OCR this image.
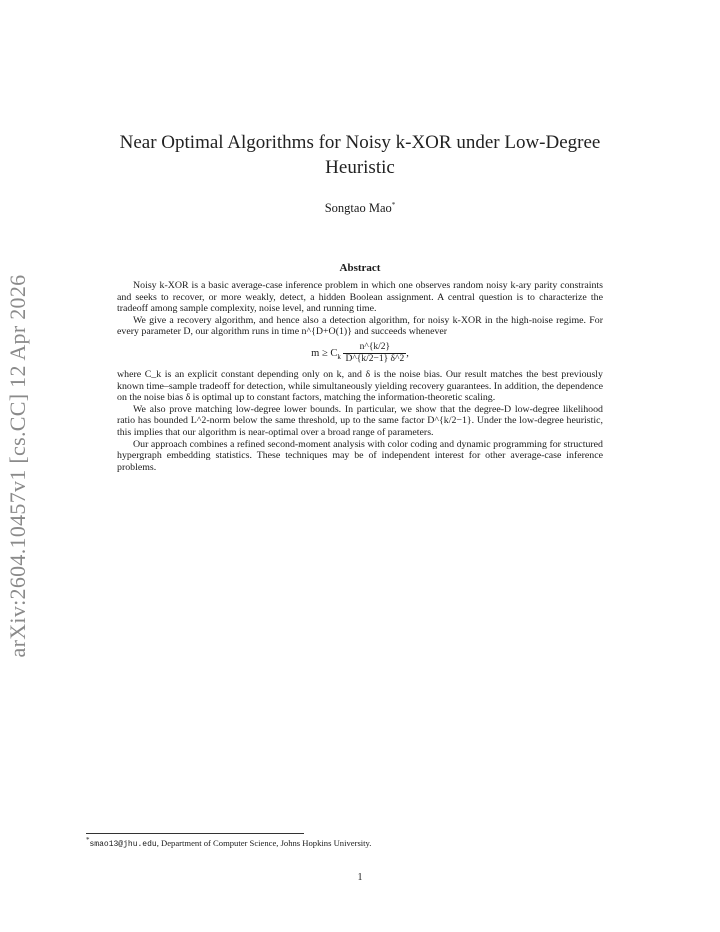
arXiv:2604.10457v1 [cs.CC] 12 Apr 2026
Near Optimal Algorithms for Noisy k-XOR under Low-Degree Heuristic
Songtao Mao*
Abstract

Noisy k-XOR is a basic average-case inference problem in which one observes random noisy k-ary parity constraints and seeks to recover, or more weakly, detect, a hidden Boolean assignment. A central question is to characterize the tradeoff among sample complexity, noise level, and running time.

We give a recovery algorithm, and hence also a detection algorithm, for noisy k-XOR in the high-noise regime. For every parameter D, our algorithm runs in time n^{D+O(1)} and succeeds whenever

$m \ge C_k \frac{n\^{}\{k/2\}}{D\^{}\{k/2-1\} \delta\^{}2}$ ,

where C_k is an explicit constant depending only on k, and δ is the noise bias. Our result matches the best previously known time–sample tradeoff for detection, while simultaneously yielding recovery guarantees. In addition, the dependence on the noise bias δ is optimal up to constant factors, matching the information-theoretic scaling.

We also prove matching low-degree lower bounds. In particular, we show that the degree-D low-degree likelihood ratio has bounded L^2-norm below the same threshold, up to the same factor D^{k/2−1}. Under the low-degree heuristic, this implies that our algorithm is near-optimal over a broad range of parameters.

Our approach combines a refined second-moment analysis with color coding and dynamic programming for structured hypergraph embedding statistics. These techniques may be of independent interest for other average-case inference problems.

*smao13@jhu.edu, Department of Computer Science, Johns Hopkins University.
1
